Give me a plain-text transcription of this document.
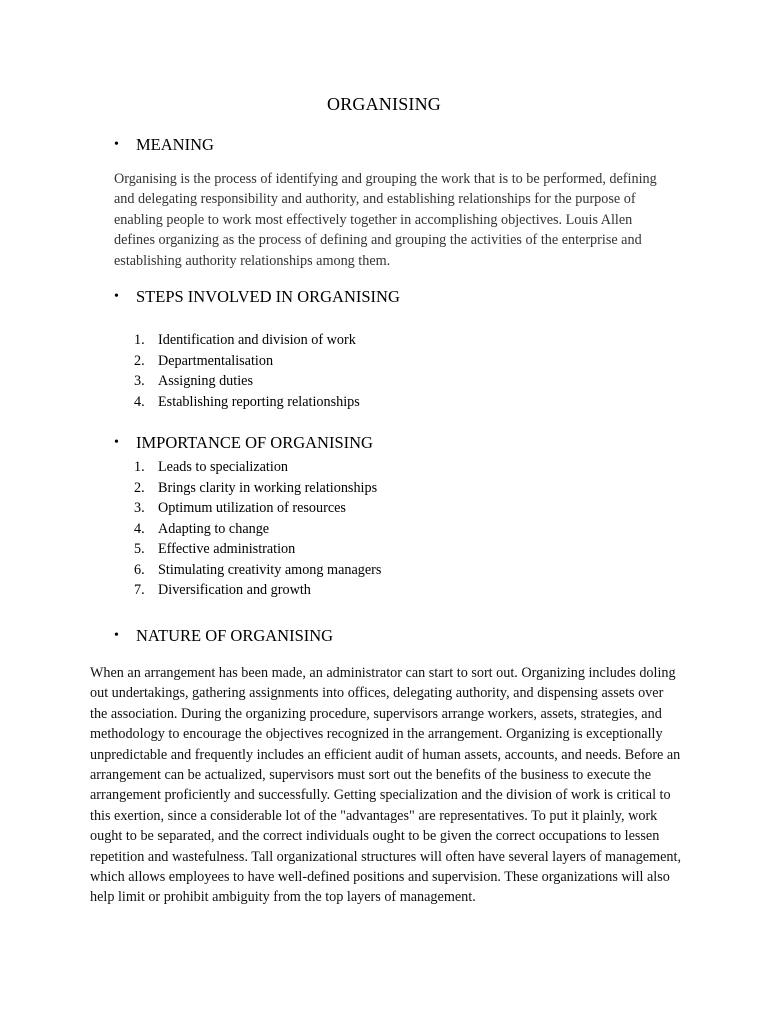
ORGANISING
•	MEANING
Organising is the process of identifying and grouping the work that is to be performed, defining and delegating responsibility and authority, and establishing relationships for the purpose of enabling people to work most effectively together in accomplishing objectives. Louis Allen defines organizing as the process of defining and grouping the activities of the enterprise and establishing authority relationships among them.
•	STEPS INVOLVED IN ORGANISING
1. Identification and division of work
2. Departmentalisation
3. Assigning duties
4. Establishing reporting relationships
•	IMPORTANCE OF ORGANISING
1. Leads to specialization
2. Brings clarity in working relationships
3. Optimum utilization of resources
4. Adapting to change
5. Effective administration
6. Stimulating creativity among managers
7. Diversification and growth
•	NATURE OF ORGANISING
When an arrangement has been made, an administrator can start to sort out. Organizing includes doling out undertakings, gathering assignments into offices, delegating authority, and dispensing assets over the association. During the organizing procedure, supervisors arrange workers, assets, strategies, and methodology to encourage the objectives recognized in the arrangement. Organizing is exceptionally unpredictable and frequently includes an efficient audit of human assets, accounts, and needs. Before an arrangement can be actualized, supervisors must sort out the benefits of the business to execute the arrangement proficiently and successfully. Getting specialization and the division of work is critical to this exertion, since a considerable lot of the "advantages" are representatives. To put it plainly, work ought to be separated, and the correct individuals ought to be given the correct occupations to lessen repetition and wastefulness. Tall organizational structures will often have several layers of management, which allows employees to have well-defined positions and supervision. These organizations will also help limit or prohibit ambiguity from the top layers of management.
